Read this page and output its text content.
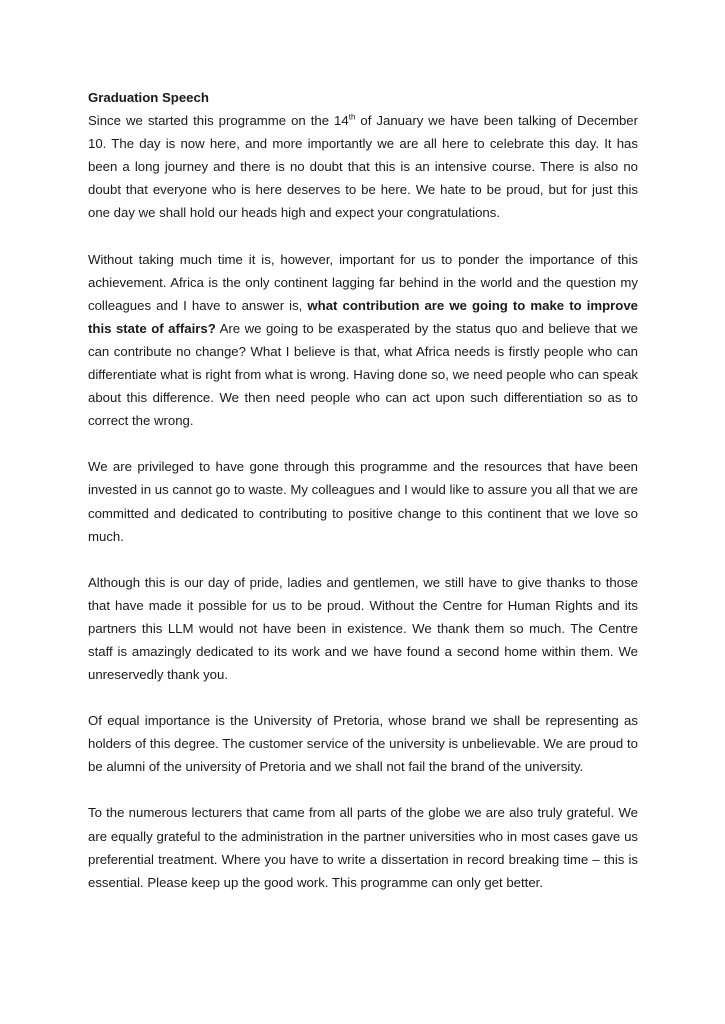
Graduation Speech

Since we started this programme on the 14th of January we have been talking of December 10. The day is now here, and more importantly we are all here to celebrate this day. It has been a long journey and there is no doubt that this is an intensive course. There is also no doubt that everyone who is here deserves to be here. We hate to be proud, but for just this one day we shall hold our heads high and expect your congratulations.

Without taking much time it is, however, important for us to ponder the importance of this achievement. Africa is the only continent lagging far behind in the world and the question my colleagues and I have to answer is, what contribution are we going to make to improve this state of affairs? Are we going to be exasperated by the status quo and believe that we can contribute no change? What I believe is that, what Africa needs is firstly people who can differentiate what is right from what is wrong. Having done so, we need people who can speak about this difference. We then need people who can act upon such differentiation so as to correct the wrong.

We are privileged to have gone through this programme and the resources that have been invested in us cannot go to waste. My colleagues and I would like to assure you all that we are committed and dedicated to contributing to positive change to this continent that we love so much.

Although this is our day of pride, ladies and gentlemen, we still have to give thanks to those that have made it possible for us to be proud. Without the Centre for Human Rights and its partners this LLM would not have been in existence. We thank them so much. The Centre staff is amazingly dedicated to its work and we have found a second home within them. We unreservedly thank you.

Of equal importance is the University of Pretoria, whose brand we shall be representing as holders of this degree. The customer service of the university is unbelievable. We are proud to be alumni of the university of Pretoria and we shall not fail the brand of the university.

To the numerous lecturers that came from all parts of the globe we are also truly grateful. We are equally grateful to the administration in the partner universities who in most cases gave us preferential treatment. Where you have to write a dissertation in record breaking time – this is essential. Please keep up the good work. This programme can only get better.
